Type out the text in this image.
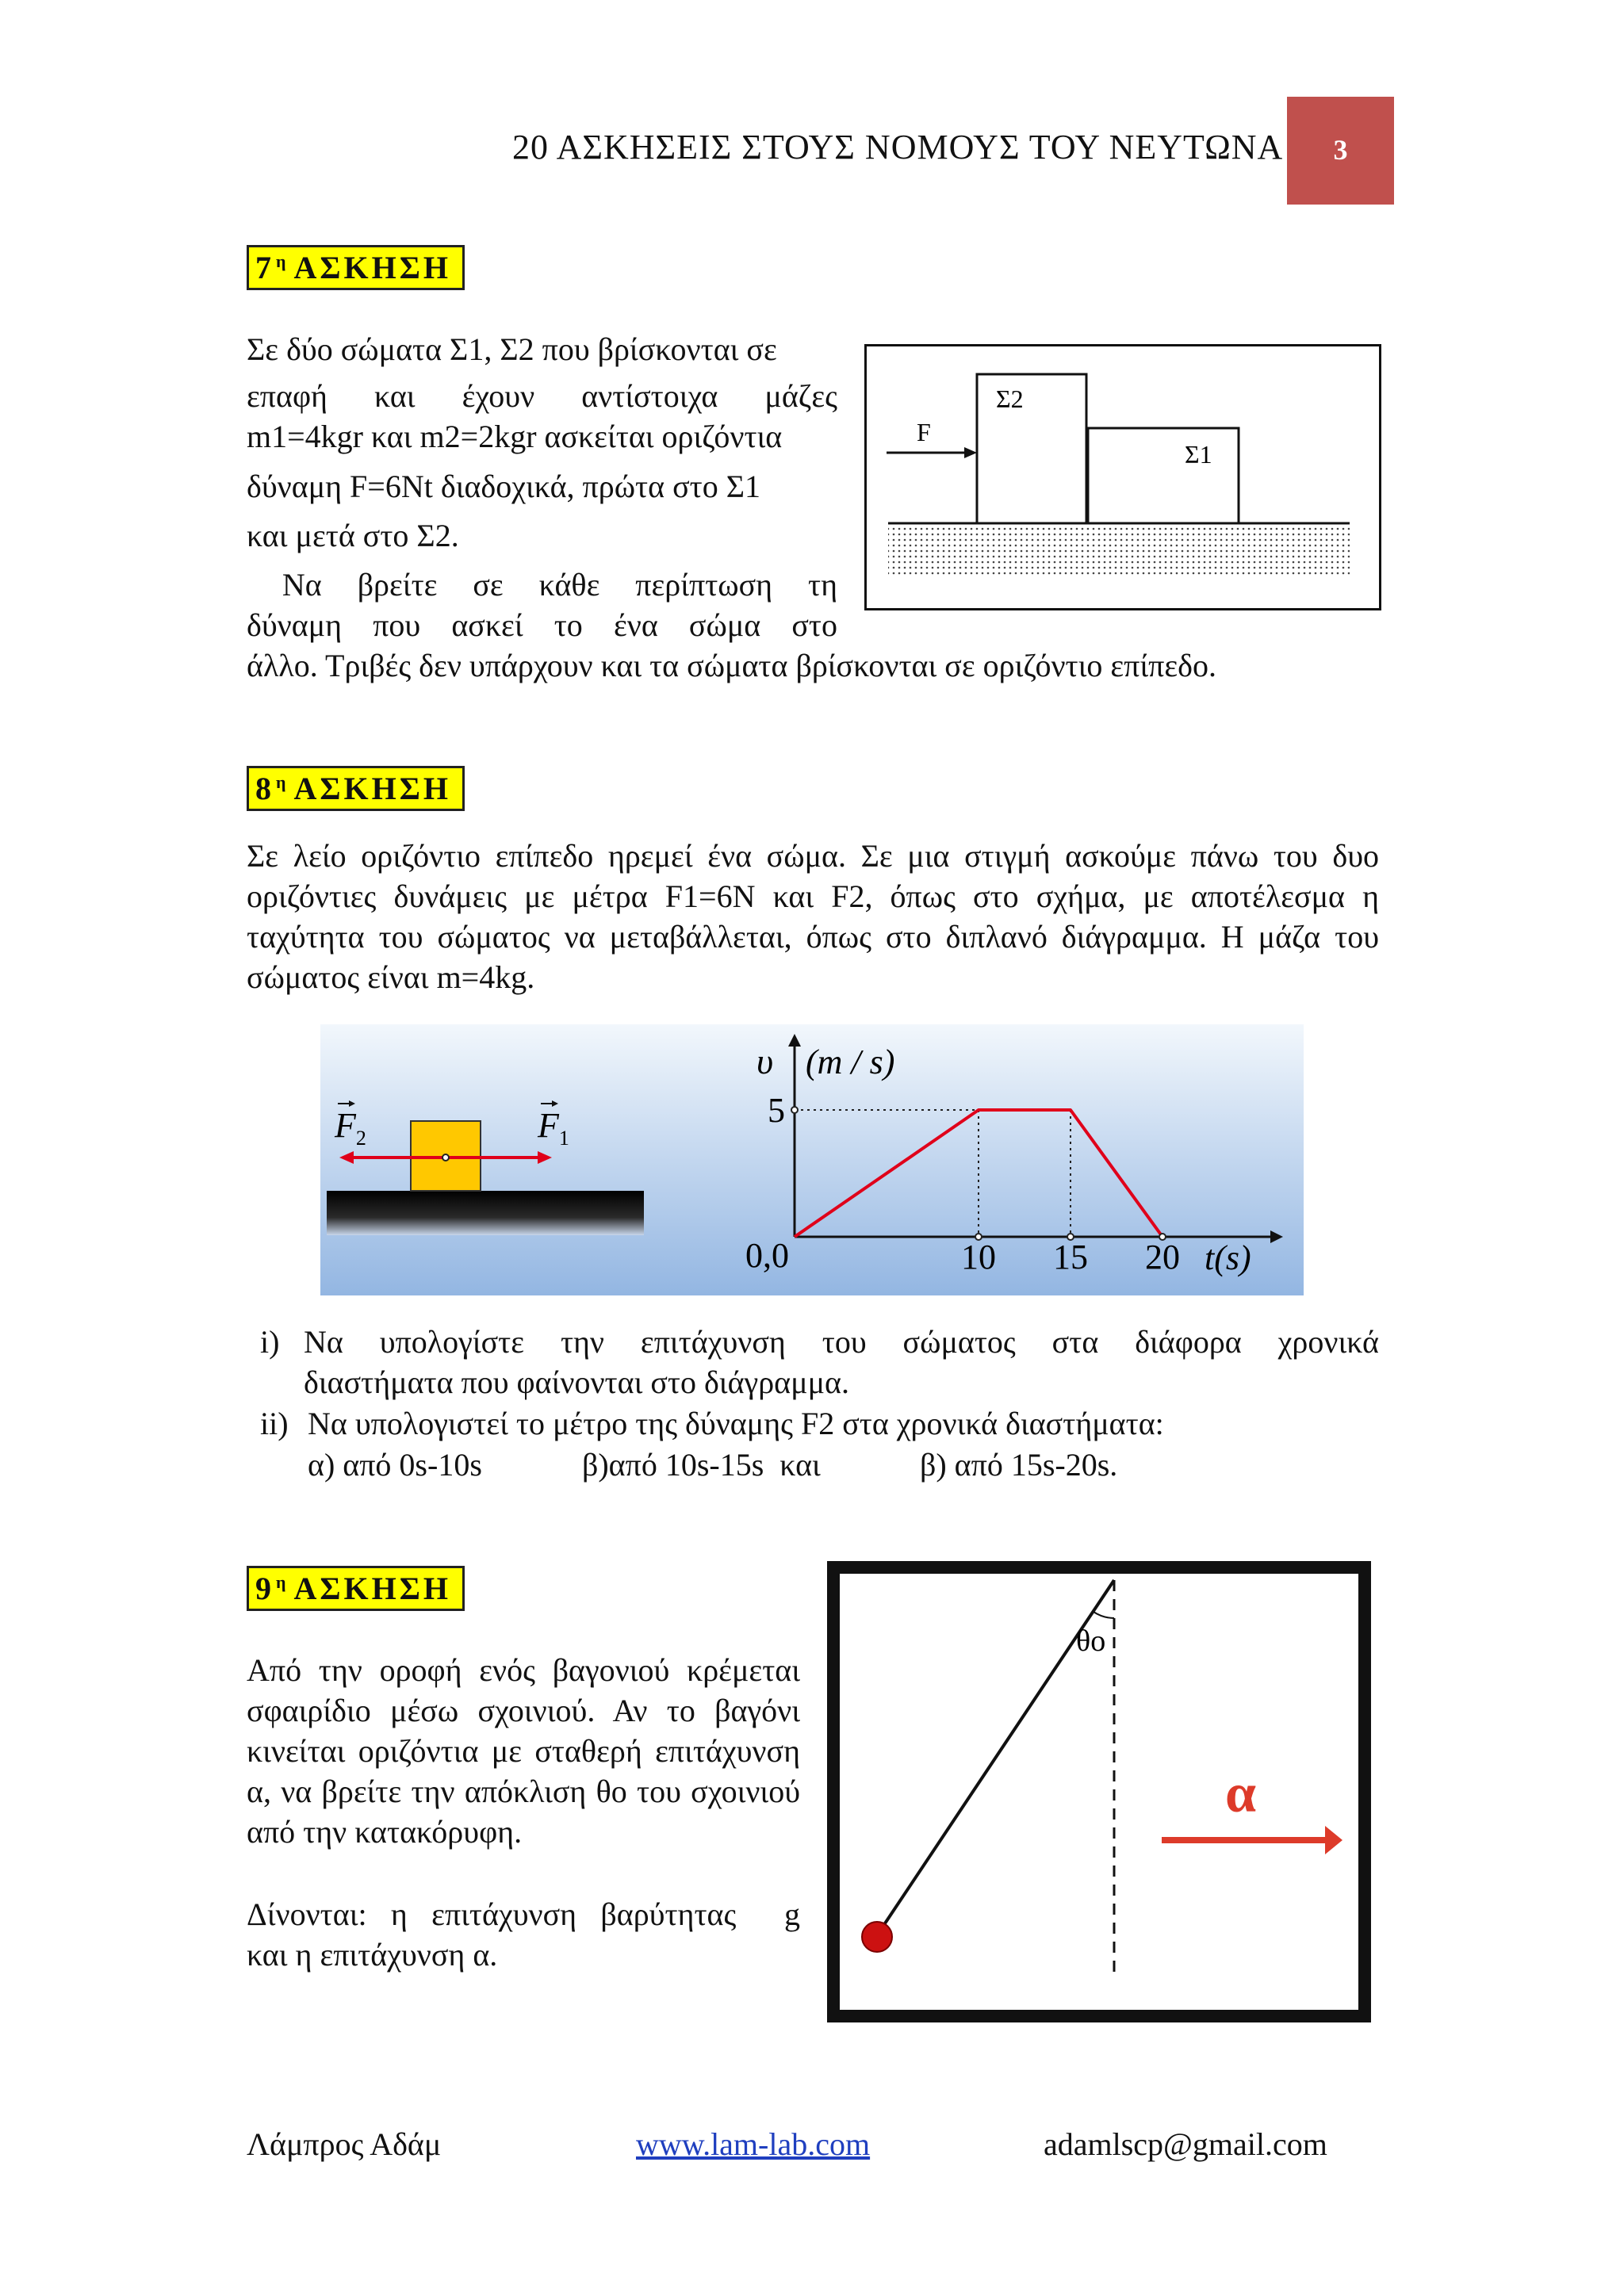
20 ΑΣΚΗΣΕΙΣ ΣΤΟΥΣ ΝΟΜΟΥΣ ΤΟΥ ΝΕΥΤΩΝΑ	3
$7^\eta$ ΑΣΚΗΣΗ
Σε δύο σώματα Σ1, Σ2 που βρίσκονται σε
επαφή και έχουν αντίστοιχα μάζες
m1=4kgr και m2=2kgr ασκείται οριζόντια
δύναμη F=6Nt διαδοχικά, πρώτα στο Σ1
και μετά στο Σ2.
Να βρείτε σε κάθε περίπτωση τη
δύναμη που ασκεί το ένα σώμα στο
άλλο. Τριβές δεν υπάρχουν και τα σώματα βρίσκονται σε οριζόντιο επίπεδο.
F
Σ2
Σ1
$8^\eta$ ΑΣΚΗΣΗ
Σε λείο οριζόντιο επίπεδο ηρεμεί ένα σώμα. Σε μια στιγμή ασκούμε πάνω του δυο οριζόντιες δυνάμεις με μέτρα F1=6N και F2, όπως στο σχήμα, με αποτέλεσμα η ταχύτητα του σώματος να μεταβάλλεται, όπως στο διπλανό διάγραμμα. Η μάζα του σώματος είναι m=4kg.
$F_2$	$F_1$
υ (m / s)
t(s)
0,0	10 15 20
5
i) Να υπολογίστε την επιτάχυνση του σώματος στα διάφορα χρονικά
διαστήματα που φαίνονται στο διάγραμμα.
ii) Να υπολογιστεί το μέτρο της δύναμης F2 στα χρονικά διαστήματα:
α) από 0s-10s	β)από 10s-15s  και	β) από 15s-20s.
$9^\eta$ ΑΣΚΗΣΗ
Από την οροφή ενός βαγονιού κρέμεται σφαιρίδιο μέσω σχοινιού. Αν το βαγόνι κινείται οριζόντια με σταθερή επιτάχυνση α, να βρείτε την απόκλιση θο του σχοινιού από την κατακόρυφη.
Δίνονται: η επιτάχυνση βαρύτητας  g
και η επιτάχυνση α.
θo
α
Λάμπρος Αδάμ	www.lam-lab.com	adamlscp@gmail.com
